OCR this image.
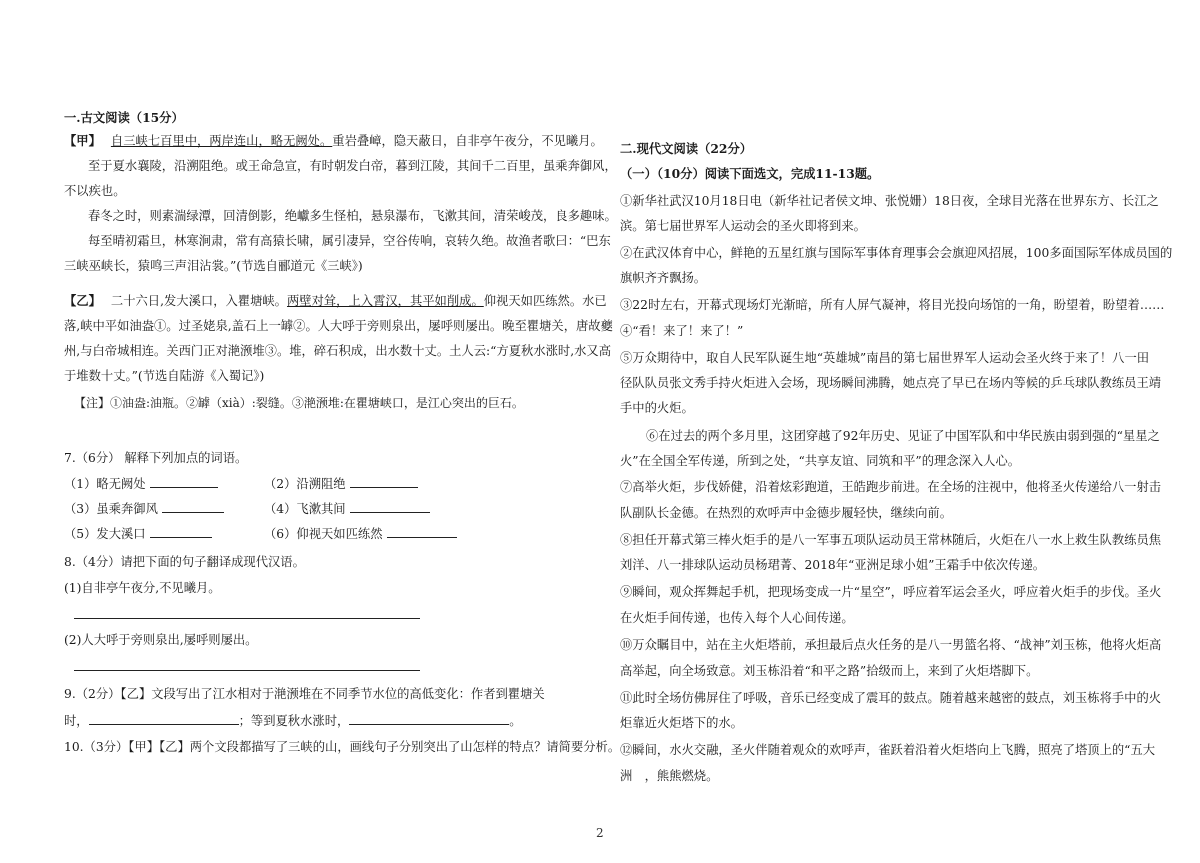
一.古文阅读（15分）
【甲】 自三峡七百里中，两岸连山，略无阙处。重岩叠嶂，隐天蔽日，自非亭午夜分，不见曦月。
至于夏水襄陵，沿溯阻绝。或王命急宣，有时朝发白帝，暮到江陵，其间千二百里，虽乘奔御风，
不以疾也。
春冬之时，则素湍绿潭，回清倒影，绝巘多生怪柏，悬泉瀑布，飞漱其间，清荣峻茂，良多趣味。
每至晴初霜旦，林寒涧肃，常有高猿长啸，属引凄异，空谷传响，哀转久绝。故渔者歌曰：“巴东
三峡巫峡长，猿鸣三声泪沾裳。”(节选自郦道元《三峡》)
【乙】 二十六日,发大溪口，入瞿塘峡。两壁对耸，上入霄汉，其平如削成。仰视天如匹练然。水已
落,峡中平如油盎①。过圣姥泉,盖石上一罅②。人大呼于旁则泉出，屡呼则屡出。晚至瞿塘关，唐故夔
州,与白帝城相连。关西门正对滟滪堆③。堆，碎石积成，出水数十丈。土人云:“方夏秋水涨时,水又高
于堆数十丈。”(节选自陆游《入蜀记》)
【注】①油盎:油瓶。②罅（xià）:裂缝。③滟滪堆:在瞿塘峡口，是江心突出的巨石。
7.（6分） 解释下列加点的词语。
（1）略无阙处	（2）沿溯阻绝
（3）虽乘奔御风	（4）飞漱其间
（5）发大溪口	（6）仰视天如匹练然
8.（4分）请把下面的句子翻译成现代汉语。
(1)自非亭午夜分,不见曦月。
(2)人大呼于旁则泉出,屡呼则屡出。
9.（2分）【乙】文段写出了江水相对于滟滪堆在不同季节水位的高低变化：作者到瞿塘关
时，	；等到夏秋水涨时，	。
10.（3分）【甲】【乙】两个文段都描写了三峡的山，画线句子分别突出了山怎样的特点？请简要分析。
二.现代文阅读（22分）
（一）（10分）阅读下面选文，完成11-13题。
①新华社武汉10月18日电（新华社记者侯文坤、张悦姗）18日夜，全球目光落在世界东方、长江之
滨。第七届世界军人运动会的圣火即将到来。
②在武汉体育中心，鲜艳的五星红旗与国际军事体育理事会会旗迎风招展，100多面国际军体成员国的
旗帜齐齐飘扬。
③22时左右，开幕式现场灯光渐暗，所有人屏气凝神，将目光投向场馆的一角，盼望着，盼望着……
④“看！来了！来了！”
⑤万众期待中，取自人民军队诞生地“英雄城”南昌的第七届世界军人运动会圣火终于来了！八一田
径队队员张文秀手持火炬进入会场，现场瞬间沸腾，她点亮了早已在场内等候的乒乓球队教练员王靖
手中的火炬。
⑥在过去的两个多月里，这团穿越了92年历史、见证了中国军队和中华民族由弱到强的“星星之
火”在全国全军传递，所到之处，“共享友谊、同筑和平”的理念深入人心。
⑦高举火炬，步伐娇健，沿着炫彩跑道，王皓跑步前进。在全场的注视中，他将圣火传递给八一射击
队副队长金德。在热烈的欢呼声中金德步履轻快，继续向前。
⑧担任开幕式第三棒火炬手的是八一军事五项队运动员王常林随后，火炬在八一水上救生队教练员焦
刘洋、八一排球队运动员杨珺菁、2018年“亚洲足球小姐”王霜手中依次传递。
⑨瞬间，观众挥舞起手机，把现场变成一片“星空”，呼应着军运会圣火，呼应着火炬手的步伐。圣火
在火炬手间传递，也传入每个人心间传递。
⑩万众瞩目中，站在主火炬塔前，承担最后点火任务的是八一男篮名将、“战神”刘玉栋，他将火炬高
高举起，向全场致意。刘玉栋沿着“和平之路”拾级而上，来到了火炬塔脚下。
⑪此时全场仿佛屏住了呼吸，音乐已经变成了震耳的鼓点。随着越来越密的鼓点，刘玉栋将手中的火
炬靠近火炬塔下的水。
⑫瞬间，水火交融，圣火伴随着观众的欢呼声，雀跃着沿着火炬塔向上飞腾，照亮了塔顶上的“五大
洲　，熊熊燃烧。
2
